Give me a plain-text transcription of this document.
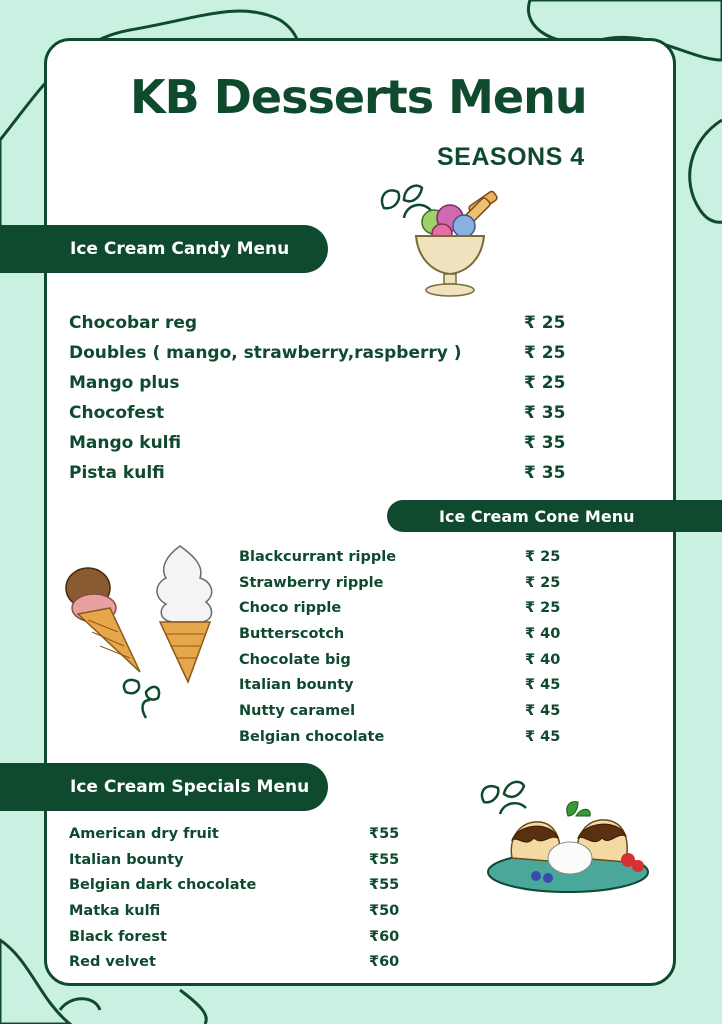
KB Desserts Menu
SEASONS 4
Ice Cream Candy Menu
Chocobar reg	₹ 25
Doubles ( mango, strawberry,raspberry )	₹ 25
Mango plus	₹ 25
Chocofest	₹ 35
Mango kulfi	₹ 35
Pista kulfi	₹ 35
Ice Cream Cone Menu
Blackcurrant ripple	₹ 25
Strawberry ripple	₹ 25
Choco ripple	₹ 25
Butterscotch	₹ 40
Chocolate big	₹ 40
Italian bounty	₹ 45
Nutty caramel	₹ 45
Belgian chocolate	₹ 45
Ice Cream Specials Menu
American dry fruit	₹55
Italian bounty	₹55
Belgian dark chocolate	₹55
Matka kulfi	₹50
Black forest	₹60
Red velvet	₹60
